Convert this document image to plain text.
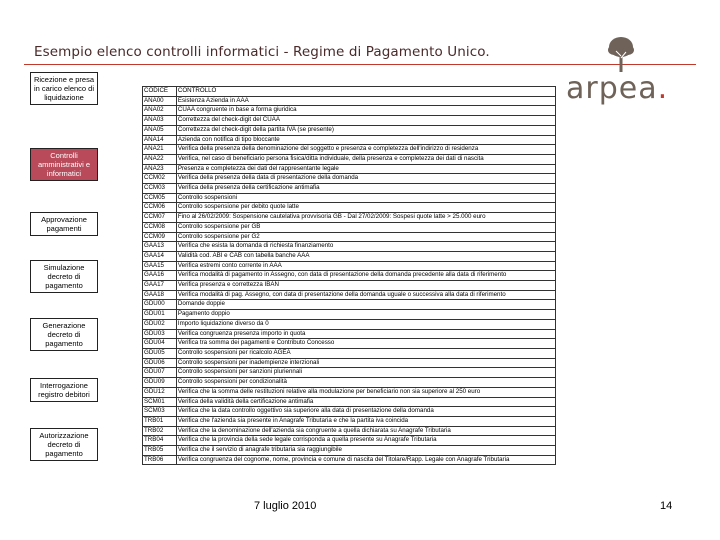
Esempio elenco controlli informatici - Regime di Pagamento Unico.
arpea.
Ricezione e presa in carico elenco di liquidazione
Controlli amministrativi e informatici
Approvazione pagamenti
Simulazione decreto di pagamento
Generazione decreto di pagamento
Interrogazione registro debitori
Autorizzazione decreto di pagamento
CODICE	CONTROLLO
ANA00	Esistenza Azienda in AAA
ANA02	CUAA congruente in base a forma giuridica
ANA03	Correttezza del check-digit del CUAA
ANA05	Correttezza del check-digit della partita IVA (se presente)
ANA14	Azienda con notifica di tipo bloccante
ANA21	Verifica della presenza della denominazione del soggetto e presenza e completezza dell'indirizzo di residenza
ANA22	Verifica, nel caso di beneficiario persona fisica/ditta individuale, della presenza e completezza dei dati di nascita
ANA23	Presenza e completezza dei dati del rappresentante legale
CCM02	Verifica della presenza della data di presentazione della domanda
CCM03	Verifica della presenza della certificazione antimafia
CCM05	Controllo sospensioni
CCM06	Controllo sospensione per debito quote latte
CCM07	Fino al 26/02/2009: Sospensione cautelativa provvisoria GB - Dal 27/02/2009: Sospesi quote latte > 25.000 euro
CCM08	Controllo sospensione per GB
CCM09	Controllo sospensione per G2
GAA13	Verifica che esista la domanda di richiesta finanziamento
GAA14	Validità cod. ABI e CAB con tabella banche AAA
GAA15	Verifica estremi conto corrente in AAA
GAA16	Verifica modalità di pagamento in Assegno, con data di presentazione della domanda precedente alla data di riferimento
GAA17	Verifica presenza e correttezza IBAN
GAA18	Verifica modalità di pag. Assegno, con data di presentazione della domanda uguale o successiva alla data di riferimento
GDU00	Domande doppie
GDU01	Pagamento doppio
GDU02	Importo liquidazione diverso da 0
GDU03	Verifica congruenza presenza importo in quota
GDU04	Verifica tra somma dei pagamenti e Contributo Concesso
GDU05	Controllo sospensioni per ricalcolo AGEA
GDU06	Controllo sospensioni per inadempienze interzionali
GDU07	Controllo sospensioni per sanzioni pluriennali
GDU09	Controllo sospensioni per condizionalità
GDU12	Verifica che la somma delle restituzioni relative alla modulazione per beneficiario non sia superiore al 250 euro
SCM01	Verifica della validità della certificazione antimafia
SCM03	Verifica che la data controllo oggettivo sia superiore alla data di presentazione della domanda
TRB01	Verifica che l'azienda sia presente in Anagrafe Tributaria e che la partita iva coincida
TRB02	Verifica che la denominazione dell'azienda sia congruente a quella dichiarata su Anagrafe Tributaria
TRB04	Verifica che la provincia della sede legale corrisponda a quella presente su Anagrafe Tributaria
TRB05	Verifica che il servizio di anagrafe tributaria sia raggiungibile
TRB06	Verifica congruenza del cognome, nome, provincia e comune di nascita del Titolare/Rapp. Legale con Anagrafe Tributaria
7 luglio 2010	14
